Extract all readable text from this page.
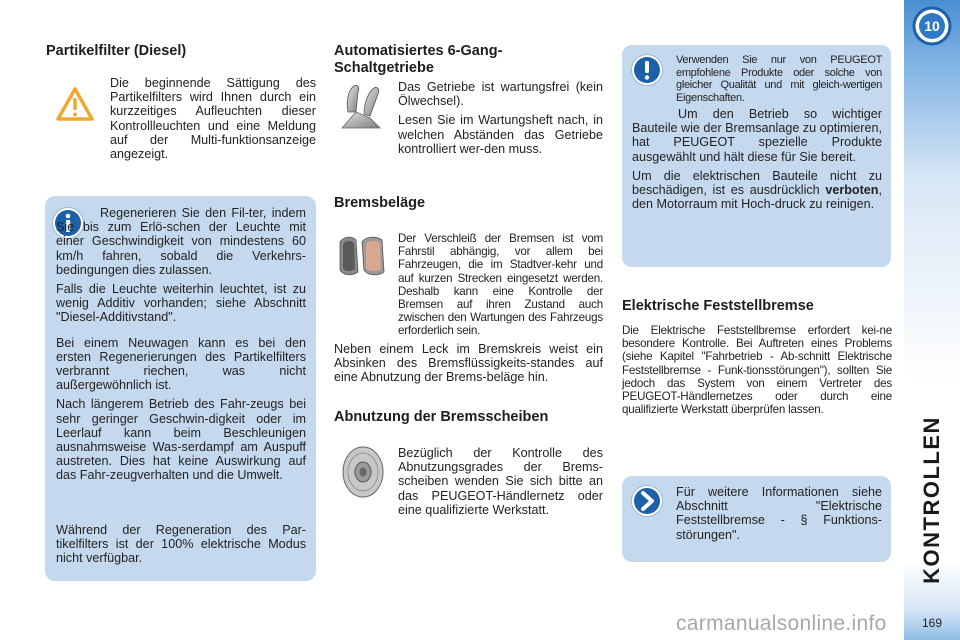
KONTROLLEN
10
169
carmanualsonline.info
Partikelfilter (Diesel)

Die beginnende Sättigung des Partikelfilters wird Ihnen durch ein kurzzeitiges Aufleuchten dieser Kontrollleuchten und eine Meldung auf der Multi-funktionsanzeige angezeigt.

Regenerieren Sie den Fil-ter, indem Sie bis zum Erlö-schen der Leuchte mit einer Geschwindigkeit von mindestens 60 km/h fahren, sobald die Verkehrs-bedingungen dies zulassen.

Falls die Leuchte weiterhin leuchtet, ist zu wenig Additiv vorhanden; siehe Abschnitt "Diesel-Additivstand".

Bei einem Neuwagen kann es bei den ersten Regenerierungen des Partikelfilters verbrannt riechen, was nicht außergewöhnlich ist.

Nach längerem Betrieb des Fahr-zeugs bei sehr geringer Geschwin-digkeit oder im Leerlauf kann beim Beschleunigen ausnahmsweise Was-serdampf am Auspuff austreten. Dies hat keine Auswirkung auf das Fahr-zeugverhalten und die Umwelt.

Während der Regeneration des Par-tikelfilters ist der 100% elektrische Modus nicht verfügbar.

Automatisiertes 6-Gang-Schaltgetriebe

Das Getriebe ist wartungsfrei (kein Ölwechsel).

Lesen Sie im Wartungsheft nach, in welchen Abständen das Getriebe kontrolliert wer-den muss.

Bremsbeläge

Der Verschleiß der Bremsen ist vom Fahrstil abhängig, vor allem bei Fahrzeugen, die im Stadtver-kehr und auf kurzen Strecken eingesetzt werden. Deshalb kann eine Kontrolle der Bremsen auf ihren Zustand auch zwischen den Wartungen des Fahrzeugs erforderlich sein.

Neben einem Leck im Bremskreis weist ein Absinken des Bremsflüssigkeits-standes auf eine Abnutzung der Brems-beläge hin.

Abnutzung der Bremsscheiben

Bezüglich der Kontrolle des Abnutzungsgrades der Brems-scheiben wenden Sie sich bitte an das PEUGEOT-Händlernetz oder eine qualifizierte Werkstatt.

Verwenden Sie nur von PEUGEOT empfohlene Produkte oder solche von gleicher Qualität und mit gleich-wertigen Eigenschaften.

Um den Betrieb so wichtiger Bauteile wie der Bremsanlage zu optimieren, hat PEUGEOT spezielle Produkte ausgewählt und hält diese für Sie bereit.

Um die elektrischen Bauteile nicht zu beschädigen, ist es ausdrücklich verboten, den Motorraum mit Hoch-druck zu reinigen.

Elektrische Feststellbremse

Die Elektrische Feststellbremse erfordert kei-ne besondere Kontrolle. Bei Auftreten eines Problems (siehe Kapitel "Fahrbetrieb - Ab-schnitt Elektrische Feststellbremse - Funk-tionsstörungen"), sollten Sie jedoch das System von einem Vertreter des PEUGEOT-Händlernetzes oder durch eine qualifizierte Werkstatt überprüfen lassen.

Für weitere Informationen siehe Abschnitt "Elektrische Feststellbremse - § Funktions-störungen".
